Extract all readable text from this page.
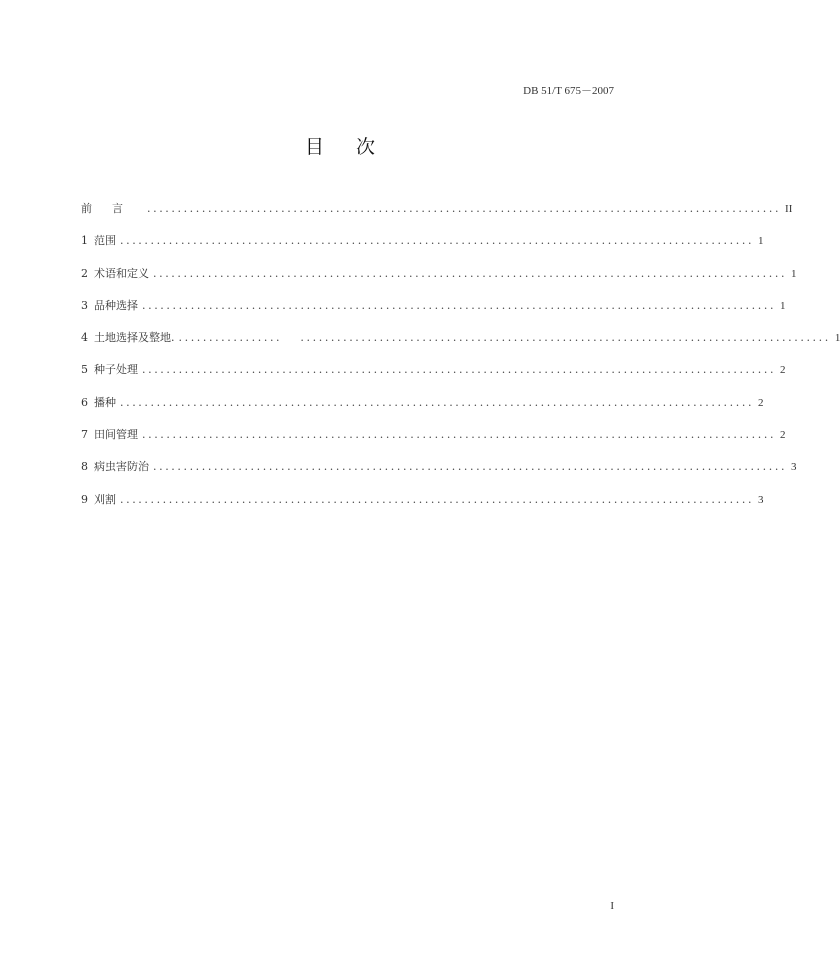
DB 51/T 675－2007
目次
前言 ........................................................................................................ II
1 范围 ........................................................................................................ 1
2 术语和定义 ........................................................................................................ 1
3 品种选择 ........................................................................................................ 1
4 土地选择及整地. .................   ....................................................................................... 1
5 种子处理 ........................................................................................................ 2
6 播种 ........................................................................................................ 2
7 田间管理 ........................................................................................................ 2
8 病虫害防治 ........................................................................................................ 3
9 刈割 ........................................................................................................ 3
I
